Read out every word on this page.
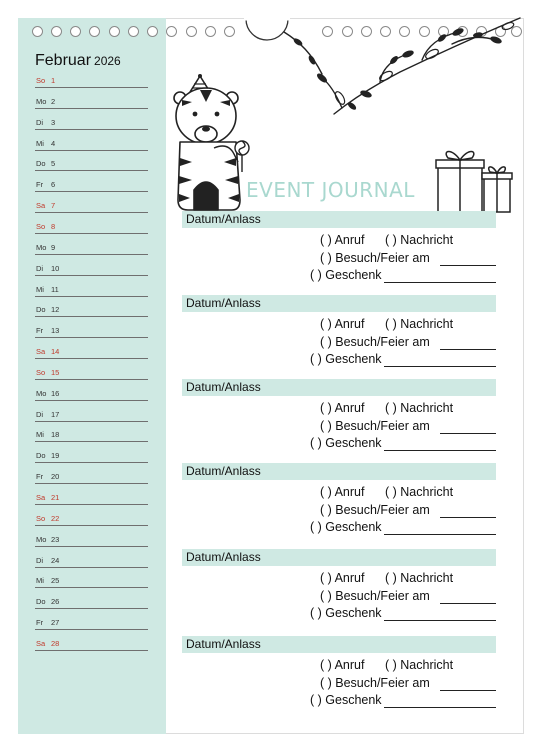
EVENT JOURNAL
Februar 2026
So 1
Mo 2
Di 3
Mi 4
Do 5
Fr 6
Sa 7
So 8
Mo 9
Di 10
Mi 11
Do 12
Fr 13
Sa 14
So 15
Mo 16
Di 17
Mi 18
Do 19
Fr 20
Sa 21
So 22
Mo 23
Di 24
Mi 25
Do 26
Fr 27
Sa 28
Datum/Anlass
( ) Anruf ( ) Nachricht
( ) Besuch/Feier am
( ) Geschenk
Datum/Anlass
( ) Anruf ( ) Nachricht
( ) Besuch/Feier am
( ) Geschenk
Datum/Anlass
( ) Anruf ( ) Nachricht
( ) Besuch/Feier am
( ) Geschenk
Datum/Anlass
( ) Anruf ( ) Nachricht
( ) Besuch/Feier am
( ) Geschenk
Datum/Anlass
( ) Anruf ( ) Nachricht
( ) Besuch/Feier am
( ) Geschenk
Datum/Anlass
( ) Anruf ( ) Nachricht
( ) Besuch/Feier am
( ) Geschenk
